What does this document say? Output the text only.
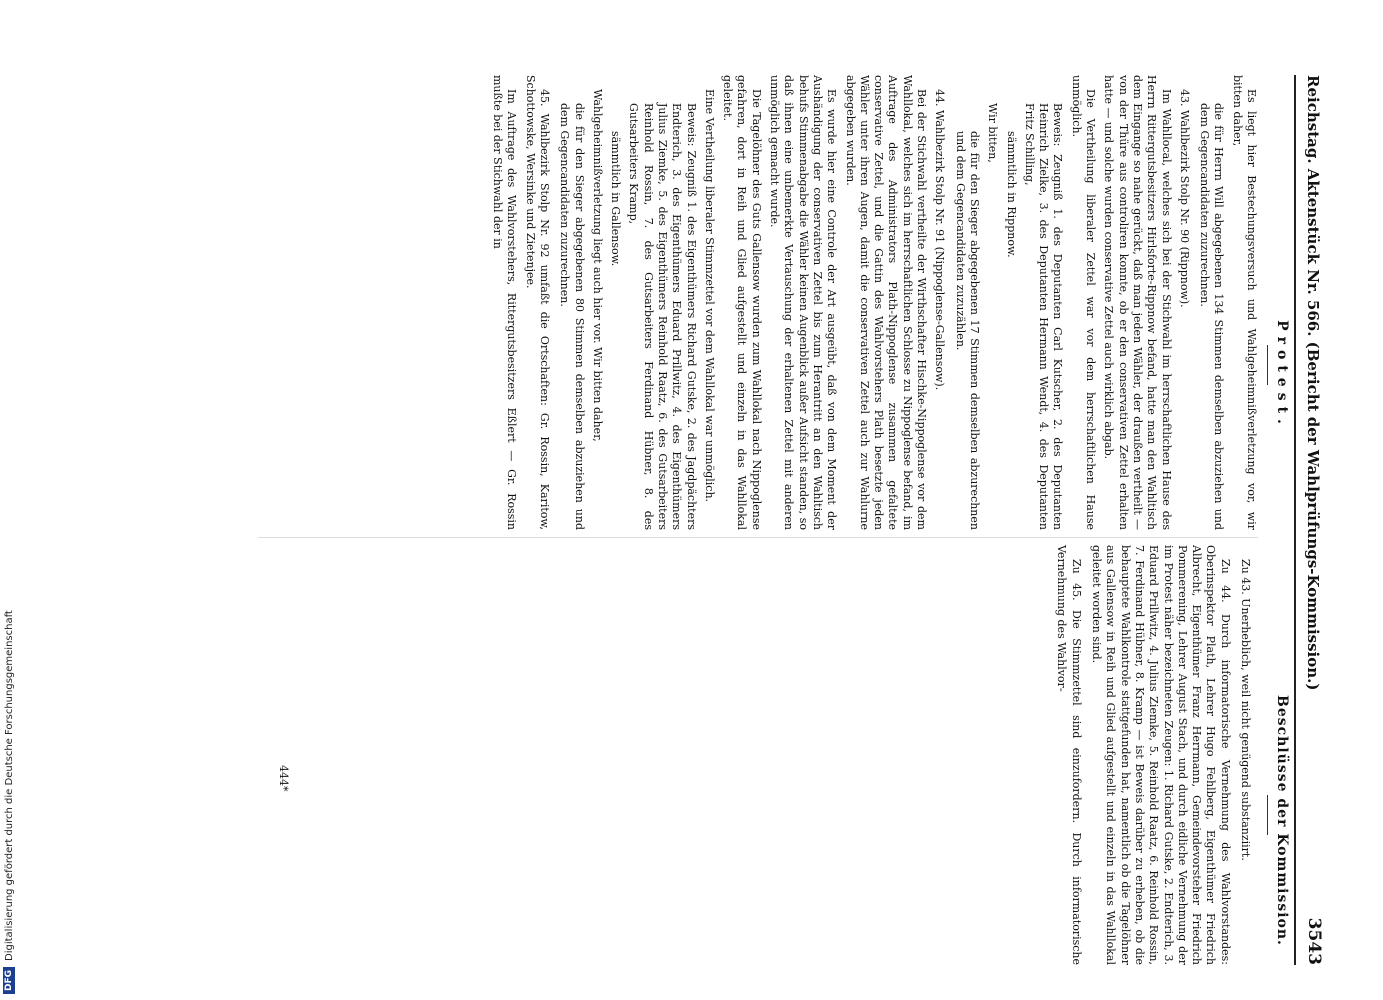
Reichstag. Aktenstück Nr. 566. (Bericht der Wahlprüfungs-Kommission.)
3543
Protest.
Beschlüsse der Kommission.

Es liegt hier Bestechungsversuch und Wahlgeheimnißverletzung vor, wir bitten daher,

die für Herrn Will abgegebenen 134 Stimmen demselben abzuziehen und dem Gegencandidaten zuzurechnen.

43. Wahlbezirk Stolp Nr. 90 (Rippnow).

Im Wahllocal, welches sich bei der Stichwahl im herrschaftlichen Hause des Herrn Rittergutsbesitzers Hirlsforte-Rippnow befand, hatte man den Wahltisch dem Eingange so nahe gerückt, daß man jeden Wähler, der draußen vertheilt — von der Thüre aus controliren konnte, ob er den conservativen Zettel erhalten hatte — und solche wurden conservative Zettel auch wirklich abgab.

Die Vertheilung liberaler Zettel war vor dem herrschaftlichen Hause unmöglich.

Beweis: Zeugniß 1. des Deputanten Carl Kutscher, 2. des Deputanten Heinrich Zielke, 3. des Deputanten Hermann Wendt, 4. des Deputanten Fritz Schilling,

sämmtlich in Rippnow.

Wir bitten,

die für den Sieger abgegebenen 17 Stimmen demselben abzurechnen und dem Gegencandidaten zuzuzählen.

44. Wahlbezirk Stolp Nr. 91 (Nippoglense-Gallensow).

Bei der Stichwahl vertheilte der Wirthschafter Hischke-Nippoglense vor dem Wahllokal, welches sich im herrschaftlichen Schlosse zu Nippoglense befand, im Auftrage des Administrators Plath-Nippoglense zusammen gefaltete conservative Zettel, und die Gattin des Wahlvorstehers Plath besetzte jeden Wähler unter ihren Augen, damit die conservativen Zettel auch zur Wahlurne abgegeben wurden.

Es wurde hier eine Controle der Art ausgeübt, daß von dem Moment der Aushändigung der conservativen Zettel bis zum Herantritt an den Wahltisch behufs Stimmenabgabe die Wähler keinen Augenblick außer Aufsicht standen, so daß ihnen eine unbemerkte Vertauschung der erhaltenen Zettel mit anderen unmöglich gemacht wurde.

Die Tagelöhner des Guts Gallensow wurden zum Wahllokal nach Nippoglense gefahren, dort in Reih und Glied aufgestellt und einzeln in das Wahllokal geleitet.

Eine Vertheilung liberaler Stimmzettel vor dem Wahllokal war unmöglich.

Beweis: Zeugniß 1. des Eigenthümers Richard Gutske, 2. des Jagdpächters Endterich, 3. des Eigenthümers Eduard Prillwitz, 4. des Eigenthümers Julius Ziemke, 5. des Eigenthümers Reinhold Raatz, 6. des Gutsarbeiters Reinhold Rossin, 7. des Gutsarbeiters Ferdinand Hübner, 8. des Gutsarbeiters Kramp,

sämmtlich in Gallensow.

Wahlgeheimnißverletzung liegt auch hier vor. Wir bitten daher,

die für den Sieger abgegebenen 80 Stimmen demselben abzuziehen und dem Gegencandidaten zuzurechnen.

45. Wahlbezirk Stolp Nr. 92 umfaßt die Ortschaften: Gr. Rossin, Karitow, Schottowske, Wersinke und Zietenjee.

Im Auftrage des Wahlvorstehers, Rittergutsbesitzers Eßlert — Gr. Rossin mußte bei der Stichwahl der in

Zu 43. Unerheblich, weil nicht genügend substanziirt.

Zu 44. Durch informatorische Vernehmung des Wahlvorstandes: Oberinspektor Plath, Lehrer Hugo Fehlberg, Eigenthümer Friedrich Albrecht, Eigenthümer Franz Herrmann, Gemeindevorsteher Friedrich Pommerening, Lehrer August Stach, und durch eidliche Vernehmung der im Protest näher bezeichneten Zeugen: 1. Richard Gutske, 2. Endterich, 3. Eduard Prillwitz, 4. Julius Ziemke, 5. Reinhold Raatz, 6. Reinhold Rossin, 7. Ferdinand Hübner, 8. Kramp — ist Beweis darüber zu erheben, ob die behauptete Wahlkontrole stattgefunden hat, namentlich ob die Tagelöhner aus Gallensow in Reih und Glied aufgestellt und einzeln in das Wahllokal geleitet worden sind.

Zu 45. Die Stimmzettel sind einzufordern. Durch informatorische Vernehmung des Wahlvor-

444*
DFG
Digitalisierung gefördert durch die Deutsche Forschungsgemeinschaft
